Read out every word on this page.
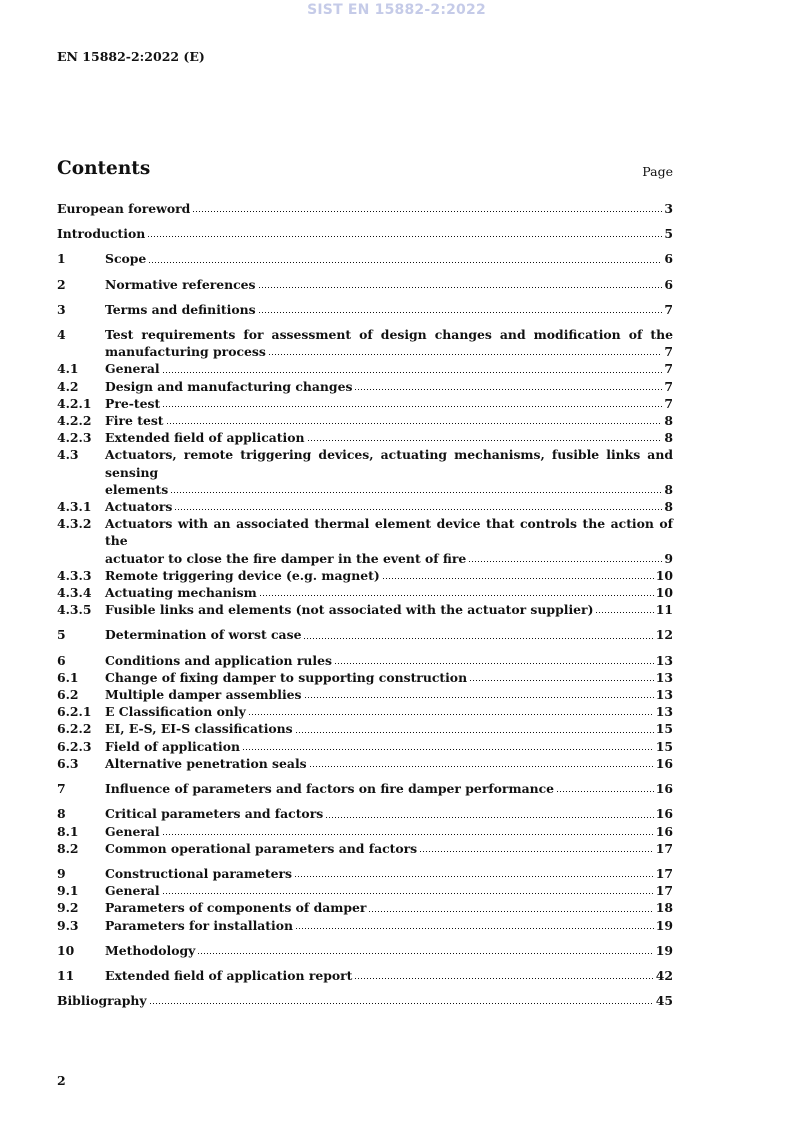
SIST EN 15882-2:2022
EN 15882-2:2022 (E)
Contents	Page
European foreword	3
Introduction	5
1	Scope	6
2	Normative references	6
3	Terms and definitions	7
4	Test requirements for assessment of design changes and modification of the
manufacturing process	7
4.1	General	7
4.2	Design and manufacturing changes	7
4.2.1	Pre-test	7
4.2.2	Fire test	8
4.2.3	Extended field of application	8
4.3	Actuators, remote triggering devices, actuating mechanisms, fusible links and sensing
elements	8
4.3.1	Actuators	8
4.3.2	Actuators with an associated thermal element device that controls the action of the
actuator to close the fire damper in the event of fire	9
4.3.3	Remote triggering device (e.g. magnet)	10
4.3.4	Actuating mechanism	10
4.3.5	Fusible links and elements (not associated with the actuator supplier)	11
5	Determination of worst case	12
6	Conditions and application rules	13
6.1	Change of fixing damper to supporting construction	13
6.2	Multiple damper assemblies	13
6.2.1	E Classification only	13
6.2.2	EI, E-S, EI-S classifications	15
6.2.3	Field of application	15
6.3	Alternative penetration seals	16
7	Influence of parameters and factors on fire damper performance	16
8	Critical parameters and factors	16
8.1	General	16
8.2	Common operational parameters and factors	17
9	Constructional parameters	17
9.1	General	17
9.2	Parameters of components of damper	18
9.3	Parameters for installation	19
10	Methodology	19
11	Extended field of application report	42
Bibliography	45
2
